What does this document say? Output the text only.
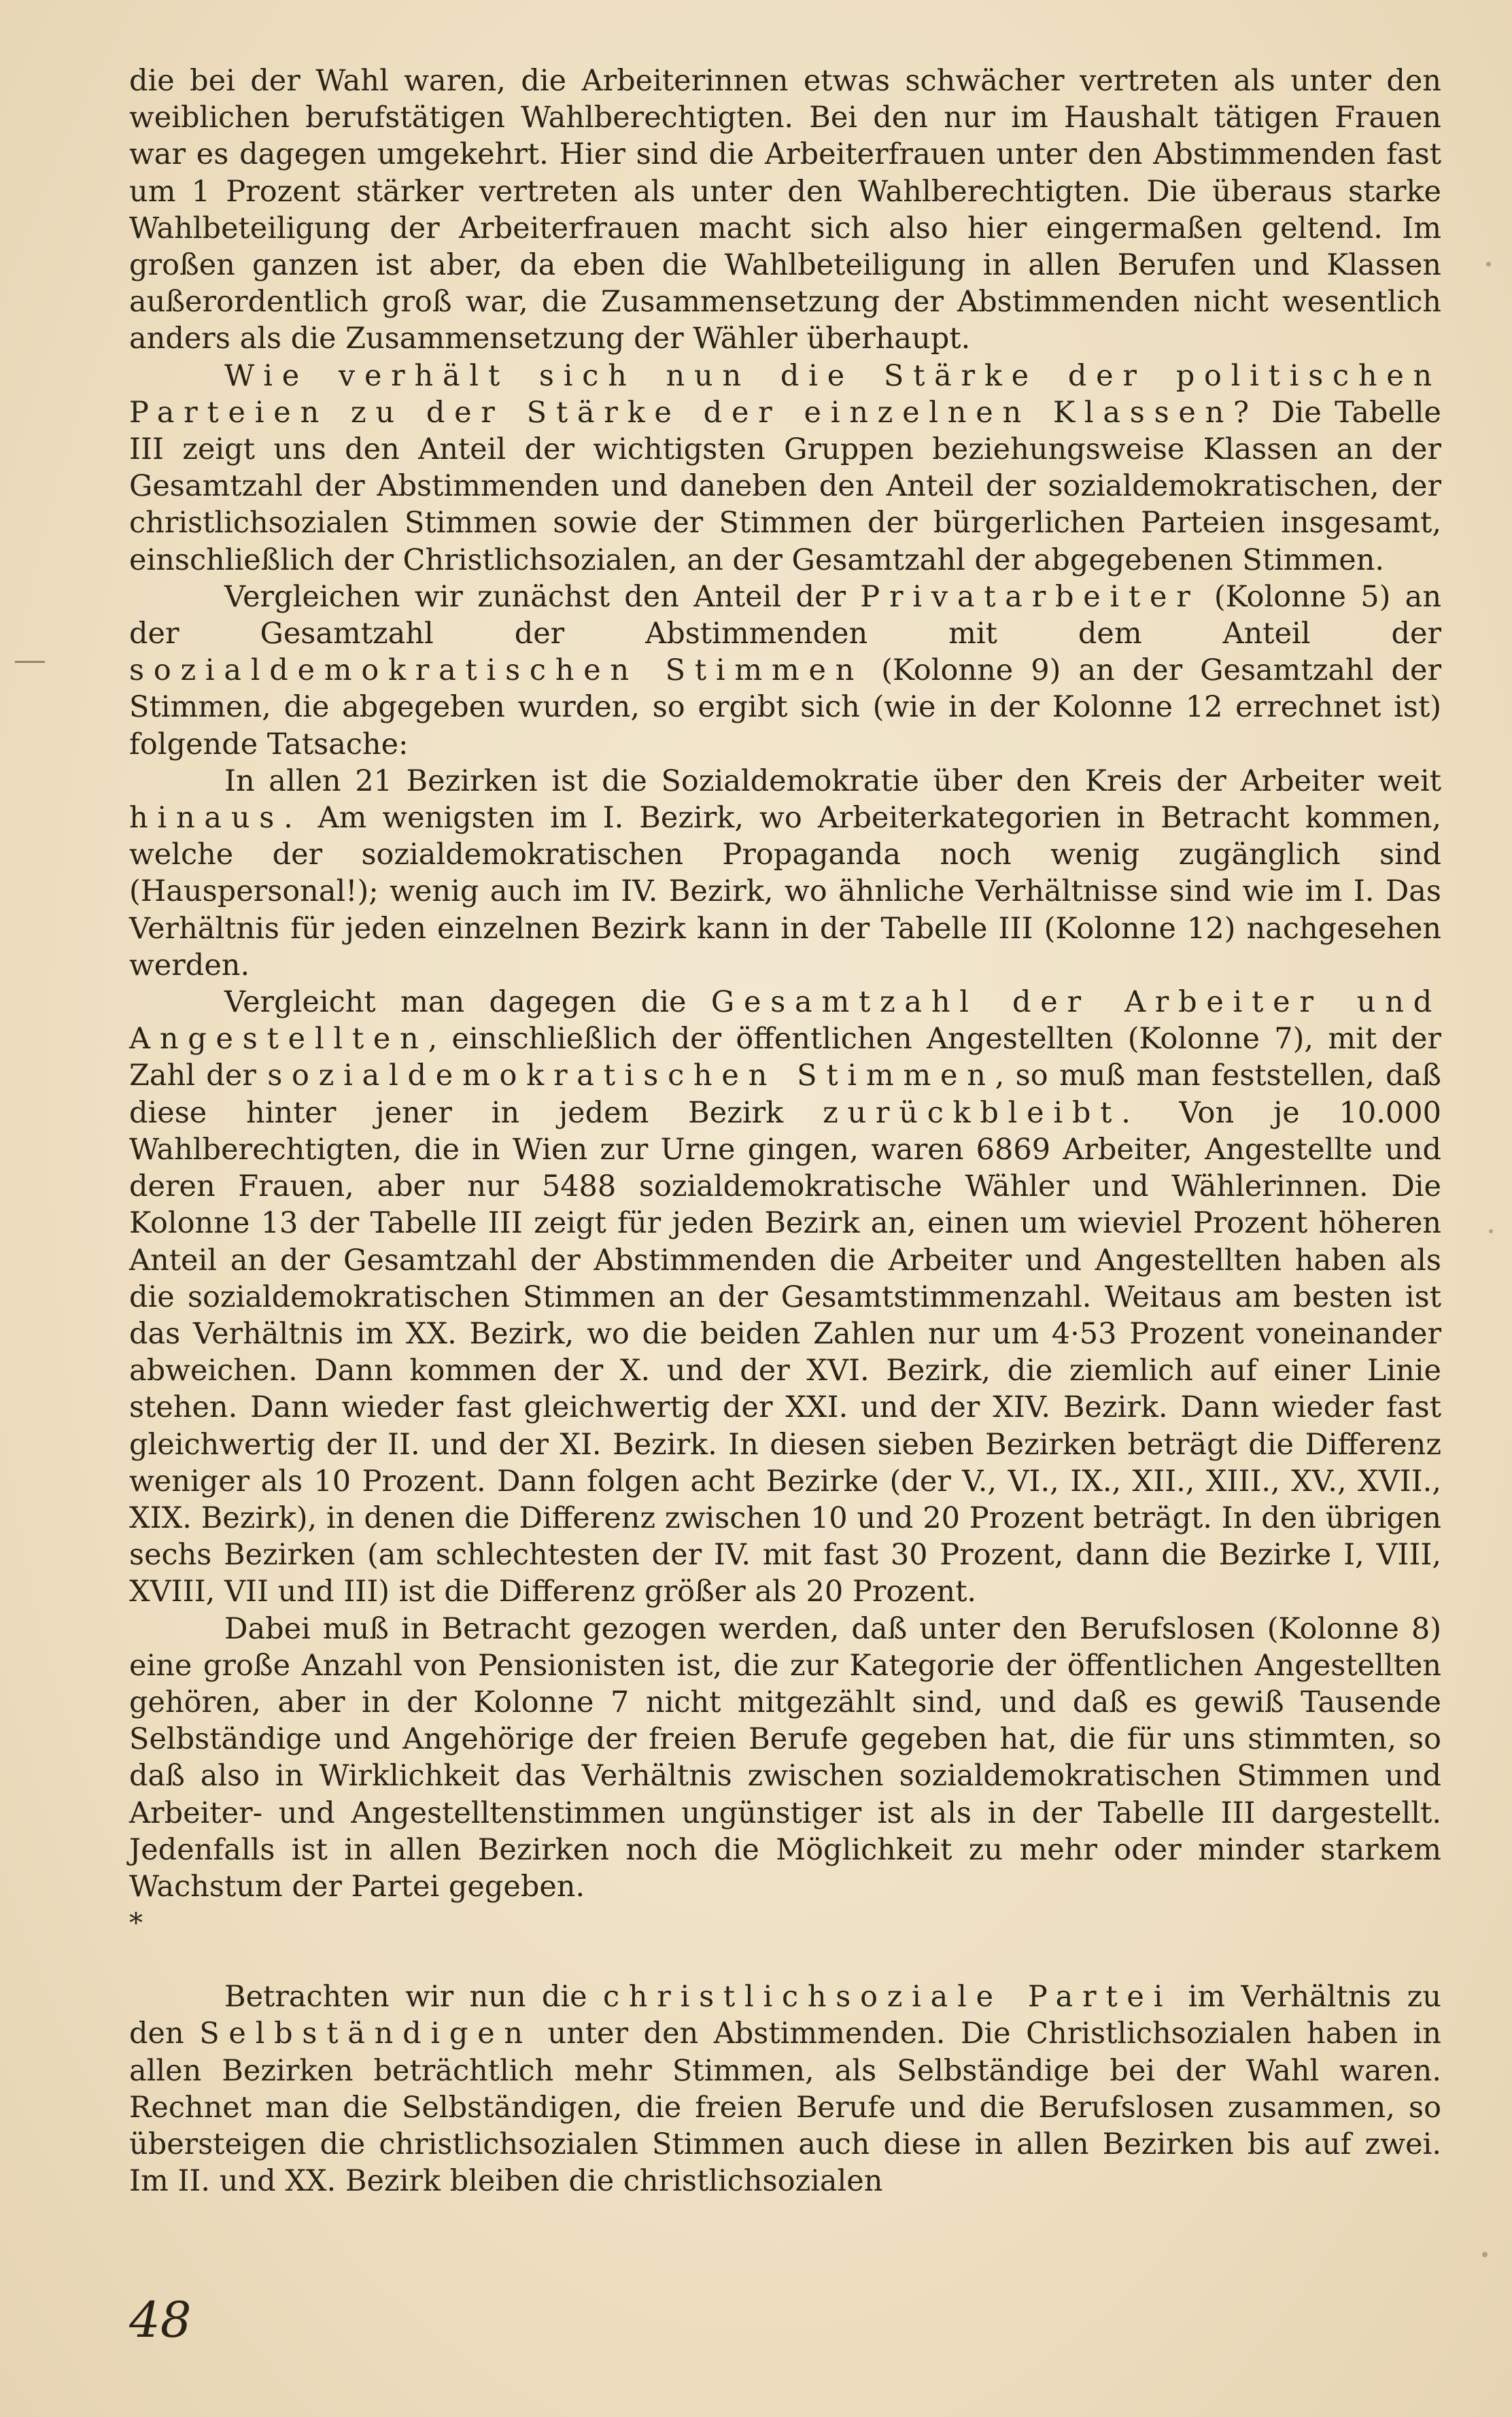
die bei der Wahl waren, die Arbeiterinnen etwas schwächer vertreten als unter den weiblichen berufstätigen Wahlberechtigten. Bei den nur im Haushalt tätigen Frauen war es dagegen umgekehrt. Hier sind die Arbeiterfrauen unter den Abstimmenden fast um 1 Prozent stärker vertreten als unter den Wahlberechtigten. Die überaus starke Wahlbeteiligung der Arbeiterfrauen macht sich also hier eingermaßen geltend. Im großen ganzen ist aber, da eben die Wahlbeteiligung in allen Berufen und Klassen außerordentlich groß war, die Zusammensetzung der Abstimmenden nicht wesentlich anders als die Zusammensetzung der Wähler überhaupt.

Wie verhält sich nun die Stärke der politischen Parteien zu der Stärke der einzelnen Klassen? Die Tabelle III zeigt uns den Anteil der wichtigsten Gruppen beziehungsweise Klassen an der Gesamtzahl der Abstimmenden und daneben den Anteil der sozialdemokratischen, der christlichsozialen Stimmen sowie der Stimmen der bürgerlichen Parteien insgesamt, einschließlich der Christlichsozialen, an der Gesamtzahl der abgegebenen Stimmen.

Vergleichen wir zunächst den Anteil der Privatarbeiter (Kolonne 5) an der Gesamtzahl der Abstimmenden mit dem Anteil der sozialdemokratischen Stimmen (Kolonne 9) an der Gesamtzahl der Stimmen, die abgegeben wurden, so ergibt sich (wie in der Kolonne 12 errechnet ist) folgende Tatsache:

In allen 21 Bezirken ist die Sozialdemokratie über den Kreis der Arbeiter weit hinaus. Am wenigsten im I. Bezirk, wo Arbeiterkategorien in Betracht kommen, welche der sozialdemokratischen Propaganda noch wenig zugänglich sind (Hauspersonal!); wenig auch im IV. Bezirk, wo ähnliche Verhältnisse sind wie im I. Das Verhältnis für jeden einzelnen Bezirk kann in der Tabelle III (Kolonne 12) nachgesehen werden.

Vergleicht man dagegen die Gesamtzahl der Arbeiter und Angestellten, einschließlich der öffentlichen Angestellten (Kolonne 7), mit der Zahl der sozialdemokratischen Stimmen, so muß man feststellen, daß diese hinter jener in jedem Bezirk zurückbleibt. Von je 10.000 Wahlberechtigten, die in Wien zur Urne gingen, waren 6869 Arbeiter, Angestellte und deren Frauen, aber nur 5488 sozialdemokratische Wähler und Wählerinnen. Die Kolonne 13 der Tabelle III zeigt für jeden Bezirk an, einen um wieviel Prozent höheren Anteil an der Gesamtzahl der Abstimmenden die Arbeiter und Angestellten haben als die sozialdemokratischen Stimmen an der Gesamtstimmenzahl. Weitaus am besten ist das Verhältnis im XX. Bezirk, wo die beiden Zahlen nur um 4·53 Prozent voneinander abweichen. Dann kommen der X. und der XVI. Bezirk, die ziemlich auf einer Linie stehen. Dann wieder fast gleichwertig der XXI. und der XIV. Bezirk. Dann wieder fast gleichwertig der II. und der XI. Bezirk. In diesen sieben Bezirken beträgt die Differenz weniger als 10 Prozent. Dann folgen acht Bezirke (der V., VI., IX., XII., XIII., XV., XVII., XIX. Bezirk), in denen die Differenz zwischen 10 und 20 Prozent beträgt. In den übrigen sechs Bezirken (am schlechtesten der IV. mit fast 30 Prozent, dann die Bezirke I, VIII, XVIII, VII und III) ist die Differenz größer als 20 Prozent.

Dabei muß in Betracht gezogen werden, daß unter den Berufslosen (Kolonne 8) eine große Anzahl von Pensionisten ist, die zur Kategorie der öffentlichen Angestellten gehören, aber in der Kolonne 7 nicht mitgezählt sind, und daß es gewiß Tausende Selbständige und Angehörige der freien Berufe gegeben hat, die für uns stimmten, so daß also in Wirklichkeit das Verhältnis zwischen sozialdemokratischen Stimmen und Arbeiter- und Angestelltenstimmen ungünstiger ist als in der Tabelle III dargestellt. Jedenfalls ist in allen Bezirken noch die Möglichkeit zu mehr oder minder starkem Wachstum der Partei gegeben.

*

Betrachten wir nun die christlichsoziale Partei im Verhältnis zu den Selbständigen unter den Abstimmenden. Die Christlichsozialen haben in allen Bezirken beträchtlich mehr Stimmen, als Selbständige bei der Wahl waren. Rechnet man die Selbständigen, die freien Berufe und die Berufslosen zusammen, so übersteigen die christlichsozialen Stimmen auch diese in allen Bezirken bis auf zwei. Im II. und XX. Bezirk bleiben die christlichsozialen

48
